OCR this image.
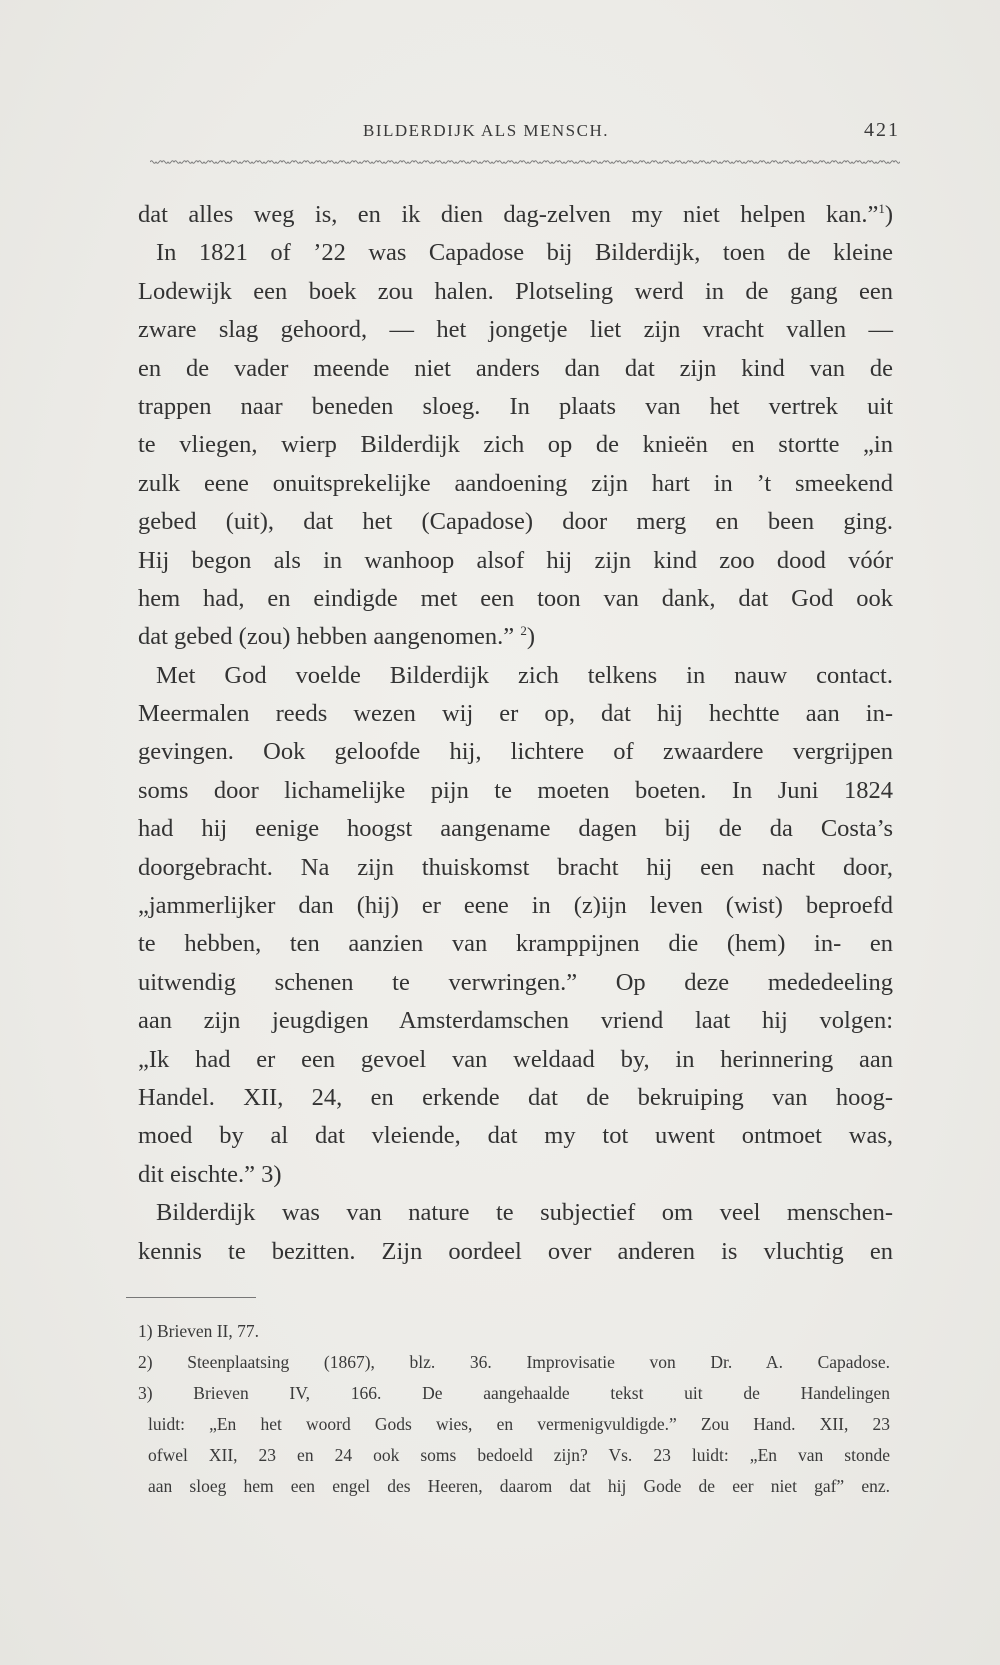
BILDERDIJK ALS MENSCH.	421
dat alles weg is, en ik dien dag-zelven my niet helpen kan.”$^1$)
In 1821 of ’22 was Capadose bij Bilderdijk, toen de kleine
Lodewijk een boek zou halen. Plotseling werd in de gang een
zware slag gehoord, — het jongetje liet zijn vracht vallen —
en de vader meende niet anders dan dat zijn kind van de
trappen naar beneden sloeg. In plaats van het vertrek uit
te vliegen, wierp Bilderdijk zich op de knieën en stortte „in
zulk eene onuitsprekelijke aandoening zijn hart in ’t smeekend
gebed (uit), dat het (Capadose) door merg en been ging.
Hij begon als in wanhoop alsof hij zijn kind zoo dood vóór
hem had, en eindigde met een toon van dank, dat God ook
dat gebed (zou) hebben aangenomen.” $^2$)
Met God voelde Bilderdijk zich telkens in nauw contact.
Meermalen reeds wezen wij er op, dat hij hechtte aan in-
gevingen. Ook geloofde hij, lichtere of zwaardere vergrijpen
soms door lichamelijke pijn te moeten boeten. In Juni 1824
had hij eenige hoogst aangename dagen bij de da Costa’s
doorgebracht. Na zijn thuiskomst bracht hij een nacht door,
„jammerlijker dan (hij) er eene in (z)ijn leven (wist) beproefd
te hebben, ten aanzien van kramppijnen die (hem) in- en
uitwendig schenen te verwringen.” Op deze mededeeling
aan zijn jeugdigen Amsterdamschen vriend laat hij volgen:
„Ik had er een gevoel van weldaad by, in herinnering aan
Handel. XII, 24, en erkende dat de bekruiping van hoog-
moed by al dat vleiende, dat my tot uwent ontmoet was,
dit eischte.” 3)
Bilderdijk was van nature te subjectief om veel menschen-
kennis te bezitten. Zijn oordeel over anderen is vluchtig en
1) Brieven II, 77.
2) Steenplaatsing (1867), blz. 36. Improvisatie von Dr. A. Capadose.
3) Brieven IV, 166. De aangehaalde tekst uit de Handelingen
luidt: „En het woord Gods wies, en vermenigvuldigde.” Zou Hand. XII, 23
ofwel XII, 23 en 24 ook soms bedoeld zijn? Vs. 23 luidt: „En van stonde
aan sloeg hem een engel des Heeren, daarom dat hij Gode de eer niet gaf” enz.
